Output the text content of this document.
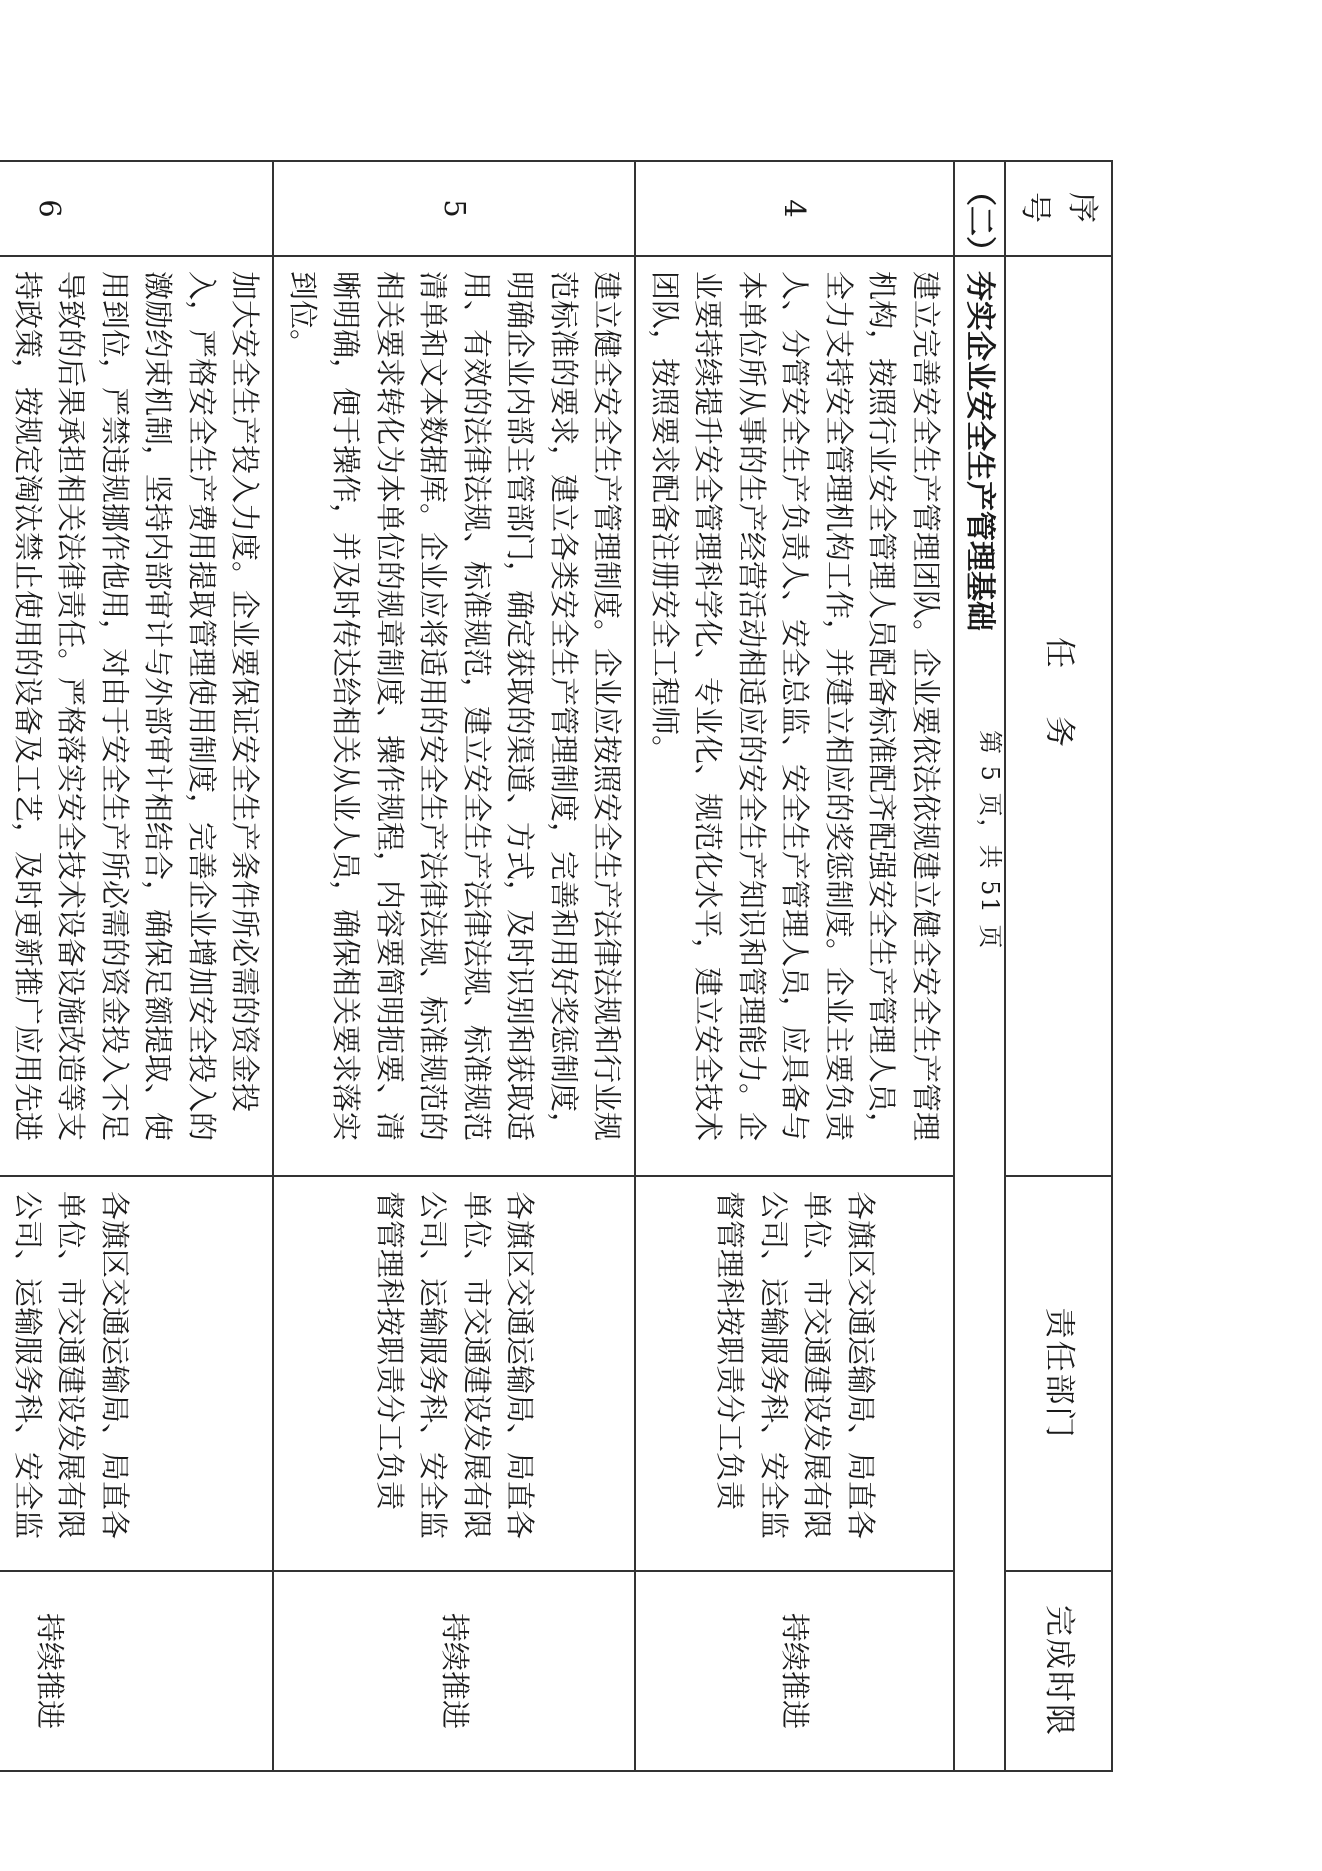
序号	任务	责任部门	完成时限
（二）	夯实企业安全生产管理基础		
4	建立完善安全生产管理团队。企业要依法依规建立健全安全生产管理机构，按照行业安全管理人员配备标准配齐配强安全生产管理人员，全力支持安全管理机构工作，并建立相应的奖惩制度。企业主要负责人、分管安全生产负责人、安全总监、安全生产管理人员，应具备与本单位所从事的生产经营活动相适应的安全生产知识和管理能力。企业要持续提升安全管理科学化、专业化、规范化水平，建立安全技术团队，按照要求配备注册安全工程师。	各旗区交通运输局、局直各单位、市交通建设发展有限公司、运输服务科、安全监督管理科按职责分工负责	持续推进
5	建立健全安全生产管理制度。企业应按照安全生产法律法规和行业规范标准的要求，建立各类安全生产管理制度，完善和用好奖惩制度，明确企业内部主管部门，确定获取的渠道、方式，及时识别和获取适用、有效的法律法规、标准规范，建立安全生产法律法规、标准规范清单和文本数据库。企业应将适用的安全生产法律法规、标准规范的相关要求转化为本单位的规章制度、操作规程，内容要简明扼要、清晰明确，便于操作，并及时传达给相关从业人员，确保相关要求落实到位。	各旗区交通运输局、局直各单位、市交通建设发展有限公司、运输服务科、安全监督管理科按职责分工负责	持续推进
6	加大安全生产投入力度。企业要保证安全生产条件所必需的资金投入，严格安全生产费用提取管理使用制度，完善企业增加安全投入的激励约束机制，坚持内部审计与外部审计相结合，确保足额提取、使用到位，严禁违规挪作他用，对由于安全生产所必需的资金投入不足导致的后果承担相关法律责任。严格落实安全技术设备设施改造等支持政策，按规定淘汰禁止使用的设备及工艺，及时更新推广应用先进	各旗区交通运输局、局直各单位、市交通建设发展有限公司、运输服务科、安全监	持续推进
第 5 页，共 51 页
